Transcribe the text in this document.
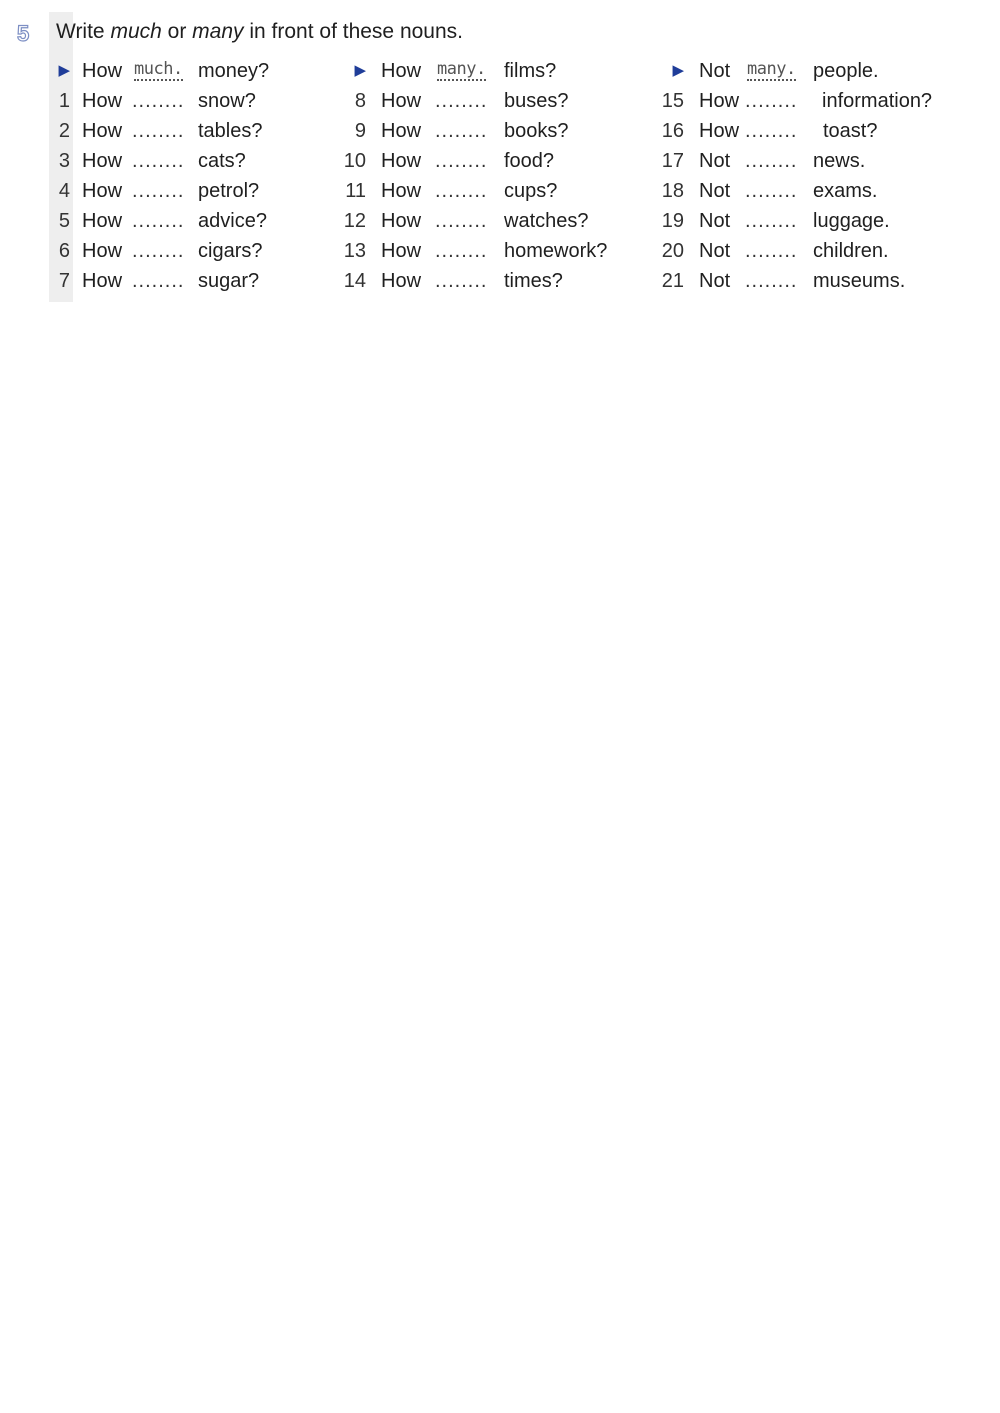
5 Write much or many in front of these nouns.
▶ How much .	money?
1 How ........ snow?
2 How ........ tables?
3 How ........ cats?
4 How ........ petrol?
5 How ........ advice?
6 How ........ cigars?
7 How ........ sugar?
▶ How many .	films?
8 How ........ buses?
9 How ........ books?
10 How ........ food?
11 How ........ cups?
12 How ........ watches?
13 How ........ homework?
14 How ........ times?
▶ Not many .	people.
15 How ........ information?
16 How ........ toast?
17 Not ........ news.
18 Not ........ exams.
19 Not ........ luggage.
20 Not ........ children.
21 Not ........ museums.
